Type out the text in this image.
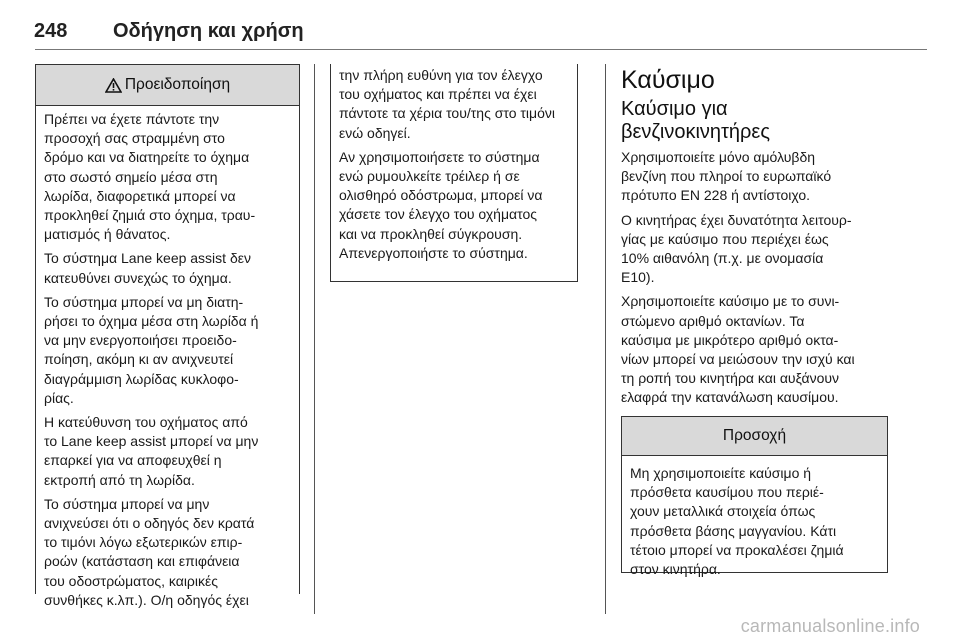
248 Οδήγηση και χρήση
Προειδοποίηση

Πρέπει να έχετε πάντοτε την
προσοχή σας στραμμένη στο
δρόμο και να διατηρείτε το όχημα
στο σωστό σημείο μέσα στη
λωρίδα, διαφορετικά μπορεί να
προκληθεί ζημιά στο όχημα, τραυ‐
ματισμός ή θάνατος.

Το σύστημα Lane keep assist δεν
κατευθύνει συνεχώς το όχημα.

Το σύστημα μπορεί να μη διατη‐
ρήσει το όχημα μέσα στη λωρίδα ή
να μην ενεργοποιήσει προειδο‐
ποίηση, ακόμη κι αν ανιχνευτεί
διαγράμμιση λωρίδας κυκλοφο‐
ρίας.

Η κατεύθυνση του οχήματος από
το Lane keep assist μπορεί να μην
επαρκεί για να αποφευχθεί η
εκτροπή από τη λωρίδα.

Το σύστημα μπορεί να μην
ανιχνεύσει ότι ο οδηγός δεν κρατά
το τιμόνι λόγω εξωτερικών επιρ‐
ροών (κατάσταση και επιφάνεια
του οδοστρώματος, καιρικές
συνθήκες κ.λπ.). Ο/η οδηγός έχει

την πλήρη ευθύνη για τον έλεγχο
του οχήματος και πρέπει να έχει
πάντοτε τα χέρια του/της στο τιμόνι
ενώ οδηγεί.

Αν χρησιμοποιήσετε το σύστημα
ενώ ρυμουλκείτε τρέιλερ ή σε
ολισθηρό οδόστρωμα, μπορεί να
χάσετε τον έλεγχο του οχήματος
και να προκληθεί σύγκρουση.
Απενεργοποιήστε το σύστημα.

Καύσιμο
Καύσιμο για
βενζινοκινητήρες

Χρησιμοποιείτε μόνο αμόλυβδη
βενζίνη που πληροί το ευρωπαϊκό
πρότυπο EN 228 ή αντίστοιχο.

Ο κινητήρας έχει δυνατότητα λειτουρ‐
γίας με καύσιμο που περιέχει έως
10% αιθανόλη (π.χ. με ονομασία
E10).

Χρησιμοποιείτε καύσιμο με το συνι‐
στώμενο αριθμό οκτανίων. Τα
καύσιμα με μικρότερο αριθμό οκτα‐
νίων μπορεί να μειώσουν την ισχύ και
τη ροπή του κινητήρα και αυξάνουν
ελαφρά την κατανάλωση καυσίμου.

Προσοχή

Μη χρησιμοποιείτε καύσιμο ή
πρόσθετα καυσίμου που περιέ‐
χουν μεταλλικά στοιχεία όπως
πρόσθετα βάσης μαγγανίου. Κάτι
τέτοιο μπορεί να προκαλέσει ζημιά
στον κινητήρα.

carmanualsonline.info
